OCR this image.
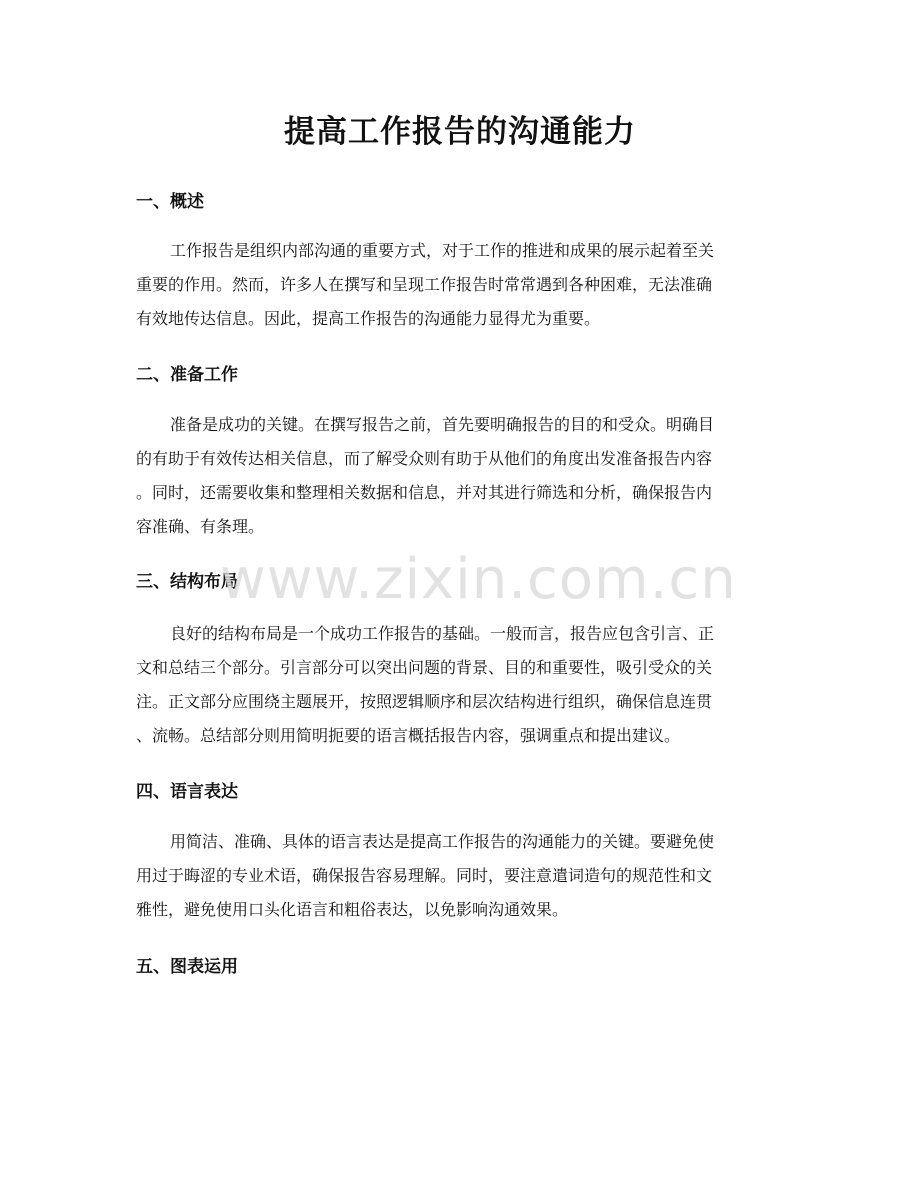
提高工作报告的沟通能力
一、概述

工作报告是组织内部沟通的重要方式，对于工作的推进和成果的展示起着至关
重要的作用。然而，许多人在撰写和呈现工作报告时常常遇到各种困难，无法准确
有效地传达信息。因此，提高工作报告的沟通能力显得尤为重要。

二、准备工作

准备是成功的关键。在撰写报告之前，首先要明确报告的目的和受众。明确目
的有助于有效传达相关信息，而了解受众则有助于从他们的角度出发准备报告内容
。同时，还需要收集和整理相关数据和信息，并对其进行筛选和分析，确保报告内
容准确、有条理。

三、结构布局

良好的结构布局是一个成功工作报告的基础。一般而言，报告应包含引言、正
文和总结三个部分。引言部分可以突出问题的背景、目的和重要性，吸引受众的关
注。正文部分应围绕主题展开，按照逻辑顺序和层次结构进行组织，确保信息连贯
、流畅。总结部分则用简明扼要的语言概括报告内容，强调重点和提出建议。

四、语言表达

用简洁、准确、具体的语言表达是提高工作报告的沟通能力的关键。要避免使
用过于晦涩的专业术语，确保报告容易理解。同时，要注意遣词造句的规范性和文
雅性，避免使用口头化语言和粗俗表达，以免影响沟通效果。

五、图表运用
www.zixin.com.cn
